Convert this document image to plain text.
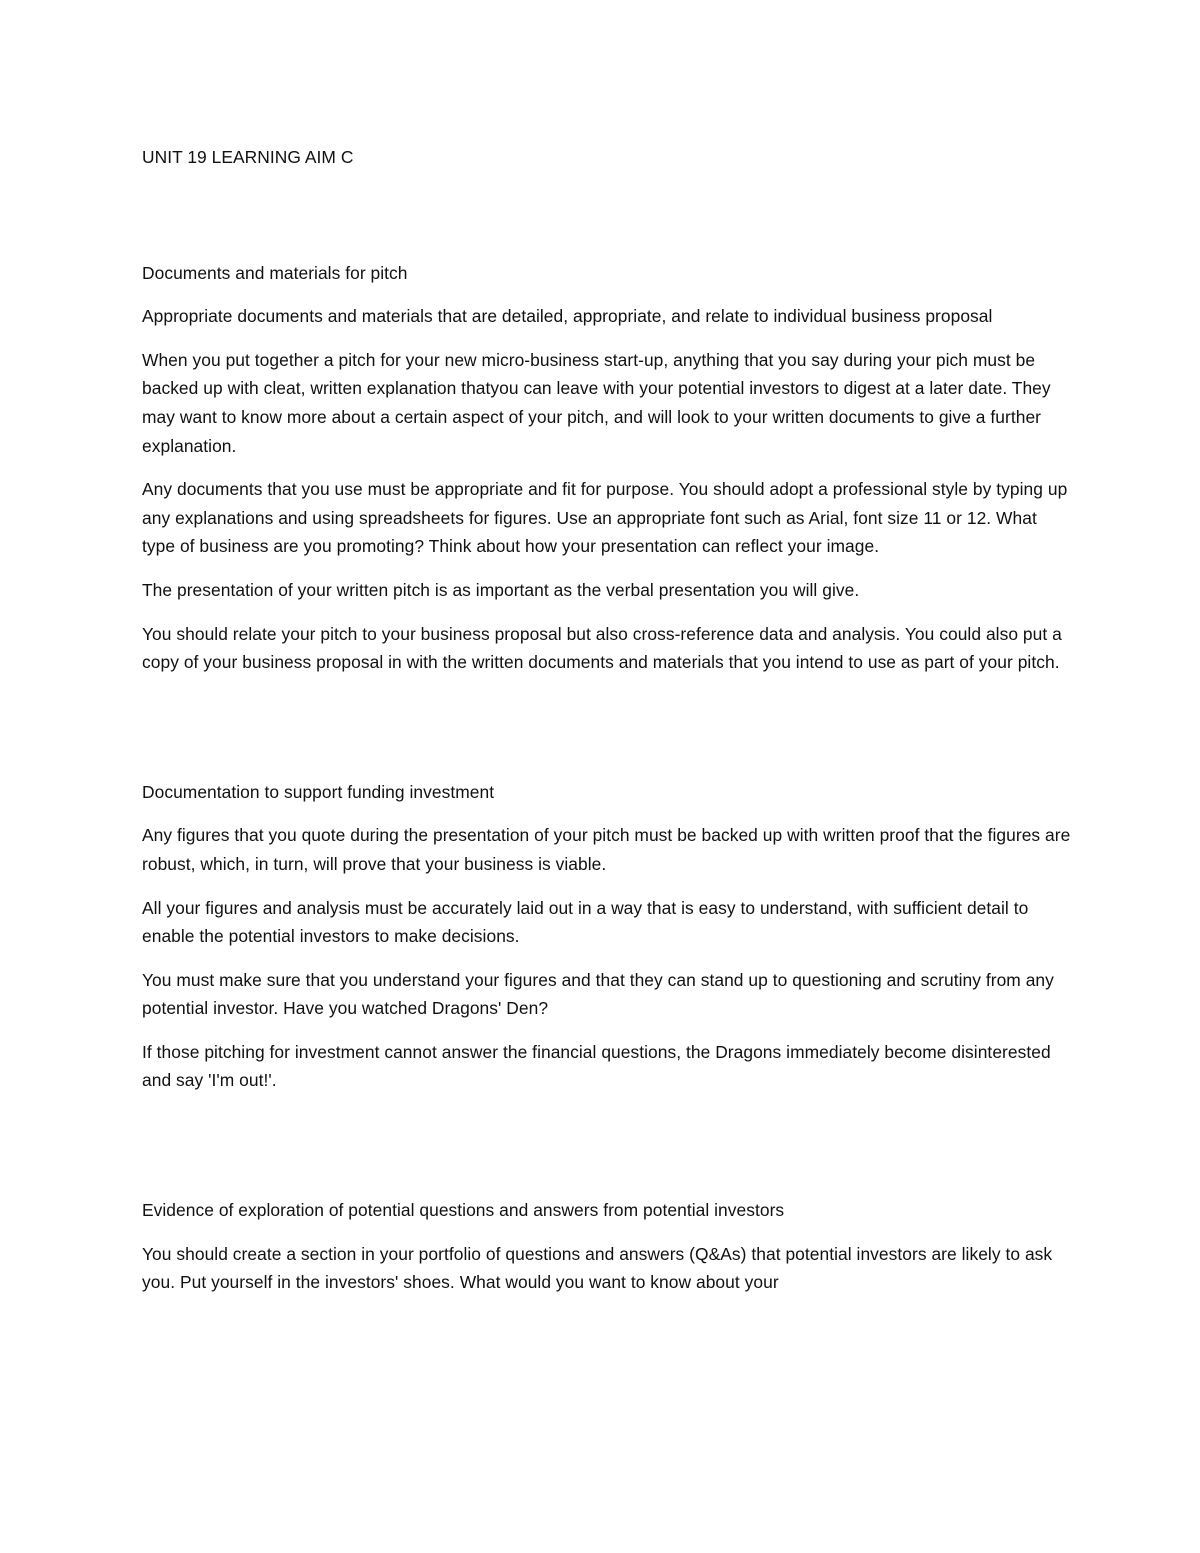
UNIT 19 LEARNING AIM C

Documents and materials for pitch

Appropriate documents and materials that are detailed, appropriate, and relate to individual business proposal

When you put together a pitch for your new micro-business start-up, anything that you say during your pich must be backed up with cleat, written explanation thatyou can leave with your potential investors to digest at a later date. They may want to know more about a certain aspect of your pitch, and will look to your written documents to give a further explanation.

Any documents that you use must be appropriate and fit for purpose. You should adopt a professional style by typing up any explanations and using spreadsheets for figures. Use an appropriate font such as Arial, font size 11 or 12. What type of business are you promoting? Think about how your presentation can reflect your image.

The presentation of your written pitch is as important as the verbal presentation you will give.

You should relate your pitch to your business proposal but also cross-reference data and analysis. You could also put a copy of your business proposal in with the written documents and materials that you intend to use as part of your pitch.

Documentation to support funding investment

Any figures that you quote during the presentation of your pitch must be backed up with written proof that the figures are robust, which, in turn, will prove that your business is viable.

All your figures and analysis must be accurately laid out in a way that is easy to understand, with sufficient detail to enable the potential investors to make decisions.

You must make sure that you understand your figures and that they can stand up to questioning and scrutiny from any potential investor. Have you watched Dragons' Den?

If those pitching for investment cannot answer the financial questions, the Dragons immediately become disinterested and say 'I'm out!'.

Evidence of exploration of potential questions and answers from potential investors

You should create a section in your portfolio of questions and answers (Q&As) that potential investors are likely to ask you. Put yourself in the investors' shoes. What would you want to know about your
